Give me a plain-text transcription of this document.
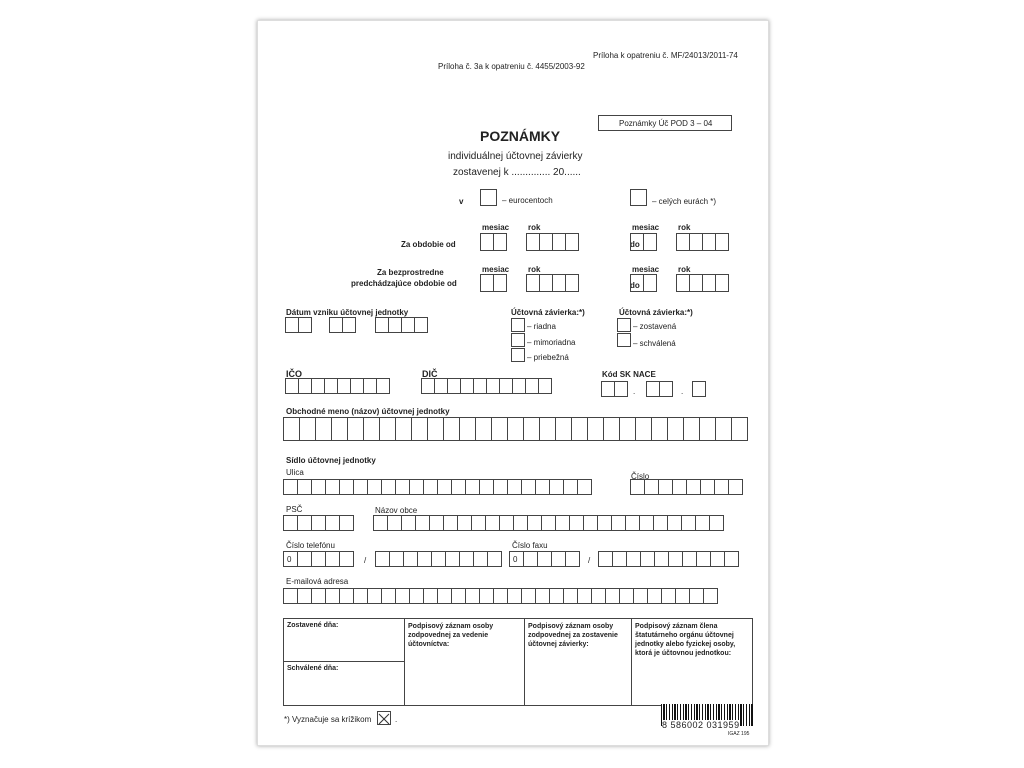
Príloha k opatreniu č. MF/24013/2011-74
Príloha č. 3a k opatreniu č. 4455/2003-92
Poznámky Úč POD 3 – 04
POZNÁMKY
individuálnej účtovnej závierky
zostavenej k .............. 20......
v	– eurocentoch	– celých eurách *)
mesiac rok
Za obdobie od	do
mesiac rok
mesiac rok
Za bezprostredne
predchádzajúce obdobie od	do
mesiac rok
Dátum vzniku účtovnej jednotky	Účtovná závierka:*)
– riadna
– mimoriadna
– priebežná
Účtovná závierka:*)
– zostavená
– schválená
IČO	DIČ	Kód SK NACE
.	.
Obchodné meno (názov) účtovnej jednotky
Sídlo účtovnej jednotky
Ulica	Číslo
PSČ	Názov obce
Číslo telefónu
0	/
Číslo faxu
0	/
E-mailová adresa
Zostavené dňa:
Schválené dňa:
Podpisový záznam osoby zodpovednej za vedenie účtovníctva:
Podpisový záznam osoby zodpovednej za zostavenie účtovnej závierky:
Podpisový záznam člena štatutárneho orgánu účtovnej jednotky alebo fyzickej osoby, ktorá je účtovnou jednotkou:
*) Vyznačuje sa krížikom	.
8 586002 031959
IGAZ 195
